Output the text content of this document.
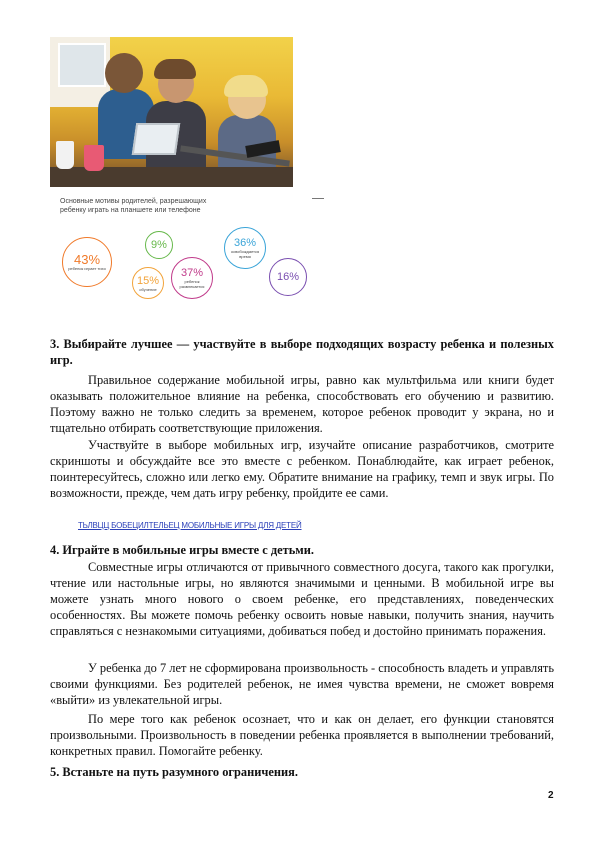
Основные мотивы родителей, разрешающих ребенку играть на планшете или телефоне
43%
ребенок играет тихо
9%
15%
обучение
37%
ребенок развлекается
36%
освобождается время
16%
3. Выбирайте лучшее — участвуйте в выборе подходящих возрасту ребенка и полезных игр.
Правильное содержание мобильной игры, равно как мультфильма или книги будет оказывать положительное влияние на ребенка, способствовать его обучению и развитию. Поэтому важно не только следить за временем, которое ребенок проводит у экрана, но и тщательно отбирать соответствующие приложения.
Участвуйте в выборе мобильных игр, изучайте описание разработчиков, смотрите скриншоты и обсуждайте все это вместе с ребенком. Понаблюдайте, как играет ребенок, поинтересуйтесь, сложно или легко ему. Обратите внимание на графику, темп и звук игры. По возможности, прежде, чем дать игру ребенку, пройдите ее сами.
ТЬЛВЦЦ БОБЕЦИЛТЕЛЬЕЦ МОБИЛЬНЫЕ ИГРЫ ДЛЯ ДЕТЕЙ
4. Играйте в мобильные игры вместе с детьми.
Совместные игры отличаются от привычного совместного досуга, такого как прогулки, чтение или настольные игры, но являются значимыми и ценными. В мобильной игре вы можете узнать много нового о своем ребенке, его представлениях, поведенческих особенностях. Вы можете помочь ребенку освоить новые навыки, получить знания, научить справляться с незнакомыми ситуациями, добиваться побед и достойно принимать поражения.
У ребенка до 7 лет не сформирована произвольность - способность владеть и управлять своими функциями. Без родителей ребенок, не имея чувства времени, не сможет вовремя «выйти» из увлекательной игры.
По мере того как ребенок осознает, что и как он делает, его функции становятся произвольными. Произвольность в поведении ребенка проявляется в выполнении требований, конкретных правил. Помогайте ребенку.
5. Встаньте на путь разумного ограничения.
2
